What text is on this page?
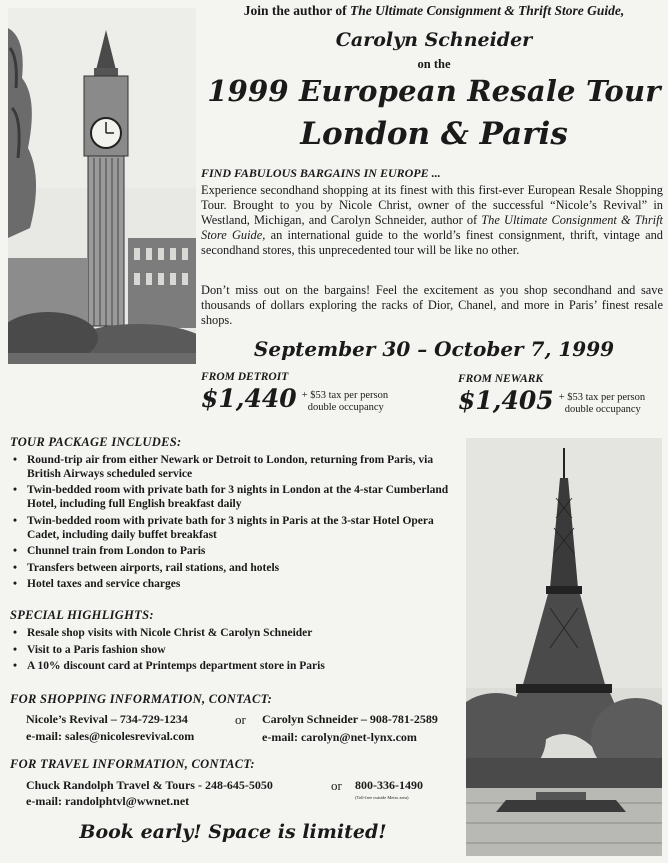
Join the author of The Ultimate Consignment & Thrift Store Guide,
Carolyn Schneider
on the
1999 European Resale Tour
London & Paris
FIND FABULOUS BARGAINS IN EUROPE ...
Experience secondhand shopping at its finest with this first-ever European Resale Shopping Tour. Brought to you by Nicole Christ, owner of the successful “Nicole’s Revival” in Westland, Michigan, and Carolyn Schneider, author of The Ultimate Consignment & Thrift Store Guide, an international guide to the world’s finest consignment, thrift, vintage and secondhand stores, this unprecedented tour will be like no other.
Don’t miss out on the bargains! Feel the excitement as you shop secondhand and save thousands of dollars exploring the racks of Dior, Chanel, and more in Paris’ finest resale shops.
September 30 – October 7, 1999
FROM DETROIT
$1,440 + $53 tax per person
double occupancy
FROM NEWARK
$1,405 + $53 tax per person
double occupancy
TOUR PACKAGE INCLUDES:
• Round-trip air from either Newark or Detroit to London, returning from Paris, via British Airways scheduled service
• Twin-bedded room with private bath for 3 nights in London at the 4-star Cumberland Hotel, including full English breakfast daily
• Twin-bedded room with private bath for 3 nights in Paris at the 3-star Hotel Opera Cadet, including daily buffet breakfast
• Chunnel train from London to Paris
• Transfers between airports, rail stations, and hotels
• Hotel taxes and service charges
SPECIAL HIGHLIGHTS:
• Resale shop visits with Nicole Christ & Carolyn Schneider
• Visit to a Paris fashion show
• A 10% discount card at Printemps department store in Paris
FOR SHOPPING INFORMATION, CONTACT:
Nicole’s Revival – 734-729-1234	or Carolyn Schneider – 908-781-2589
e-mail: sales@nicolesrevival.com	e-mail: carolyn@net-lynx.com
FOR TRAVEL INFORMATION, CONTACT:
Chuck Randolph Travel & Tours - 248-645-5050	or 800-336-1490
(Toll-free outside Metro area)
e-mail: randolphtvl@wwnet.net
Book early! Space is limited!
